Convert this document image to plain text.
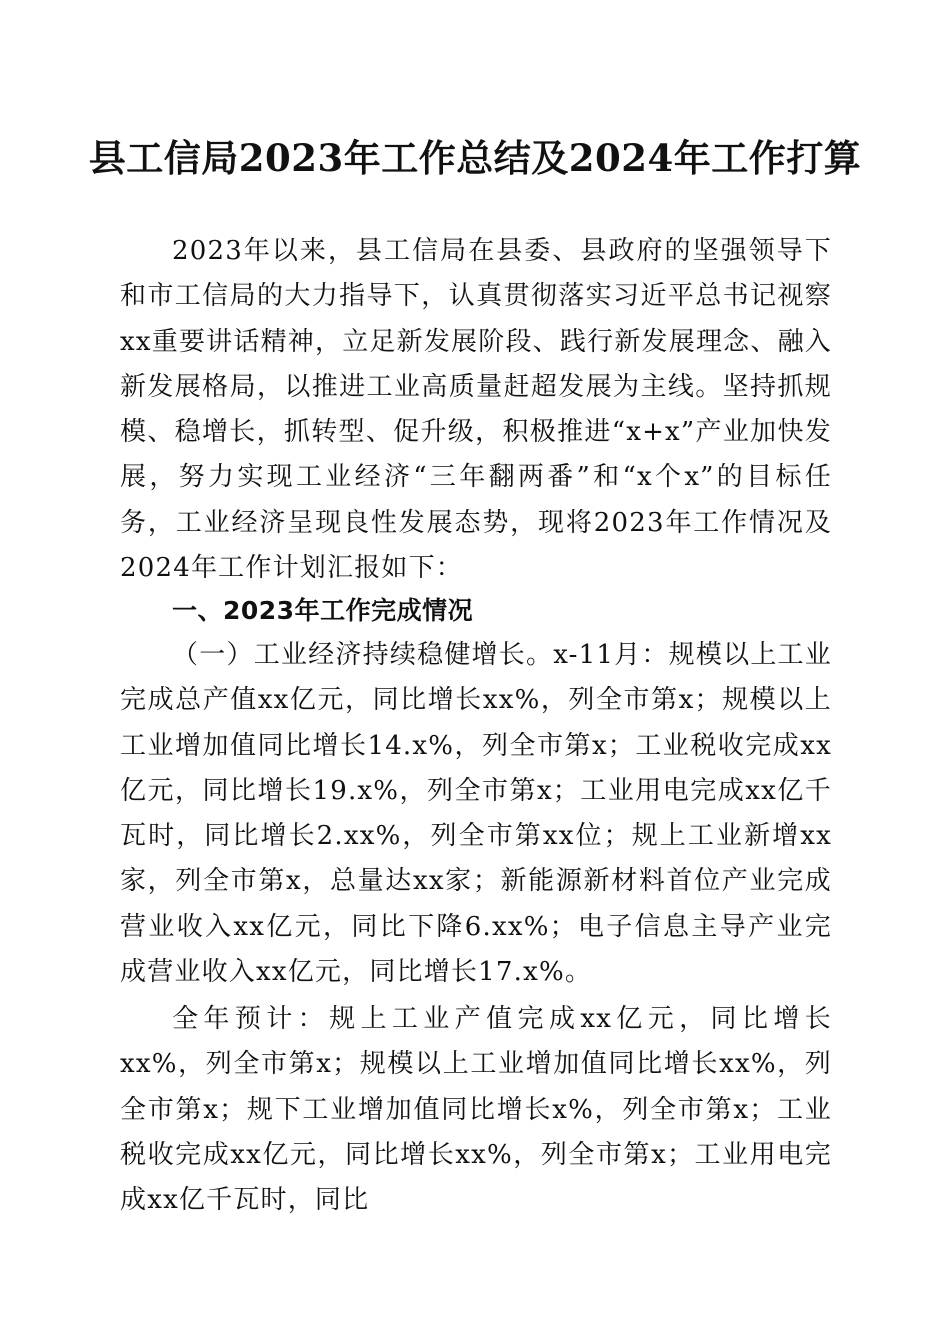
县工信局2023年工作总结及2024年工作打算

2023年以来，县工信局在县委、县政府的坚强领导下和市工信局的大力指导下，认真贯彻落实习近平总书记视察xx重要讲话精神，立足新发展阶段、践行新发展理念、融入新发展格局，以推进工业高质量赶超发展为主线。坚持抓规模、稳增长，抓转型、促升级，积极推进“x+x”产业加快发展，努力实现工业经济“三年翻两番”和“x个x”的目标任务，工业经济呈现良性发展态势，现将2023年工作情况及2024年工作计划汇报如下：

一、2023年工作完成情况

（一）工业经济持续稳健增长。x-11月：规模以上工业完成总产值xx亿元，同比增长xx%，列全市第x；规模以上工业增加值同比增长14.x%，列全市第x；工业税收完成xx亿元，同比增长19.x%，列全市第x；工业用电完成xx亿千瓦时，同比增长2.xx%，列全市第xx位；规上工业新增xx家，列全市第x，总量达xx家；新能源新材料首位产业完成营业收入xx亿元，同比下降6.xx%；电子信息主导产业完成营业收入xx亿元，同比增长17.x%。

全年预计：规上工业产值完成xx亿元，同比增长xx%，列全市第x；规模以上工业增加值同比增长xx%，列全市第x；规下工业增加值同比增长x%，列全市第x；工业税收完成xx亿元，同比增长xx%，列全市第x；工业用电完成xx亿千瓦时，同比
